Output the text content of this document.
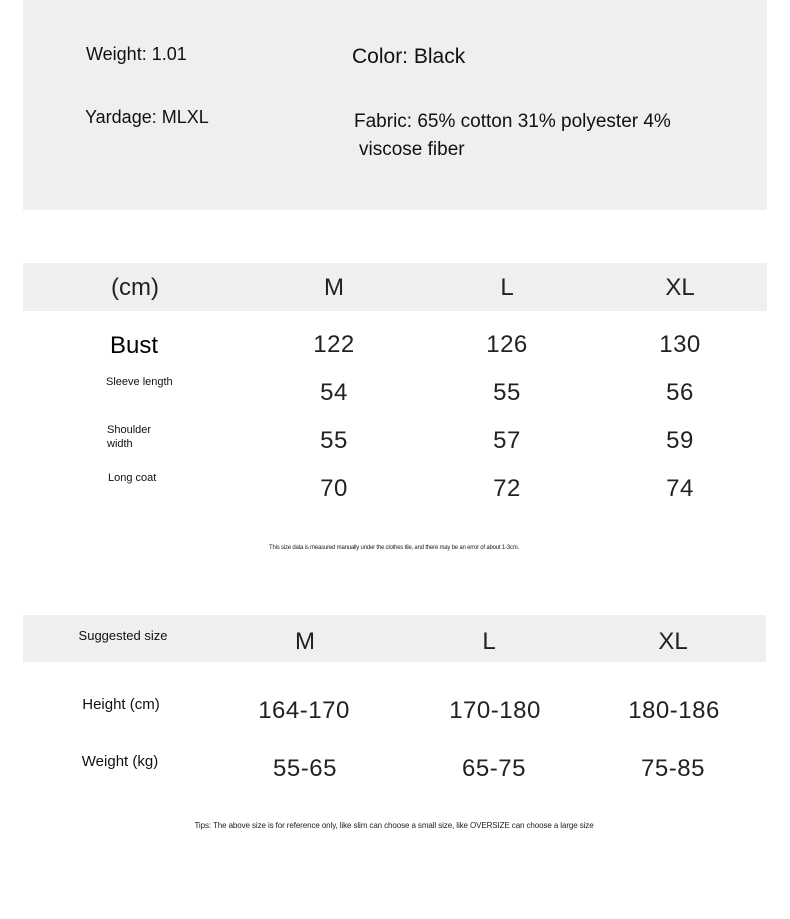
Weight: 1.01	Color: Black
Yardage: MLXL	Fabric: 65% cotton 31% polyester 4%
viscose fiber
(cm)	M	L	XL
Bust	122	126	130
Sleeve length	54	55	56
Shoulder width	55	57	59
Long coat	70	72	74
This size data is measured manually under the clothes tile, and there may be an error of about 1-3cm.
Suggested size	M	L	XL
Height (cm)	164-170	170-180	180-186
Weight (kg)	55-65	65-75	75-85
Tips: The above size is for reference only, like slim can choose a small size, like OVERSIZE can choose a large size
